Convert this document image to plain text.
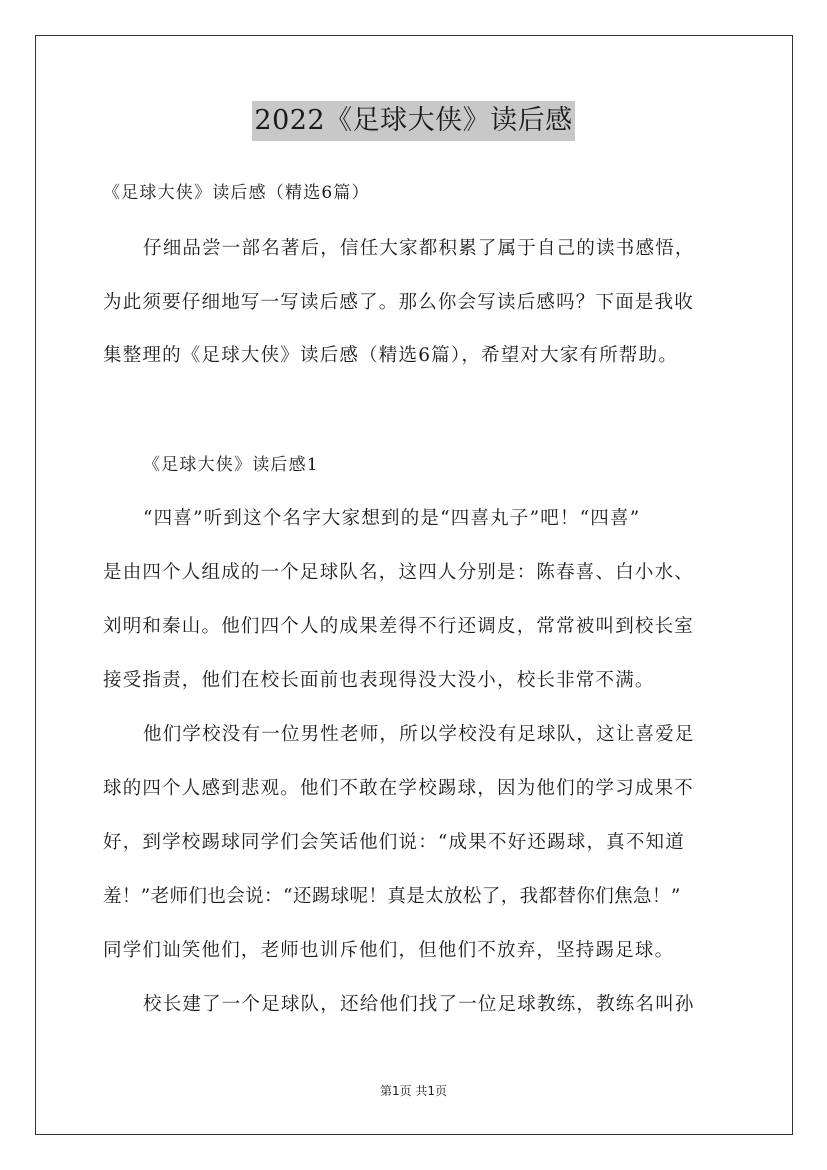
2022《足球大侠》读后感
《足球大侠》读后感（精选6篇）
仔细品尝一部名著后，信任大家都积累了属于自己的读书感悟，
为此须要仔细地写一写读后感了。那么你会写读后感吗？下面是我收
集整理的《足球大侠》读后感（精选6篇），希望对大家有所帮助。
《足球大侠》读后感1
“四喜”听到这个名字大家想到的是“四喜丸子”吧！“四喜”
是由四个人组成的一个足球队名，这四人分别是：陈春喜、白小水、
刘明和秦山。他们四个人的成果差得不行还调皮，常常被叫到校长室
接受指责，他们在校长面前也表现得没大没小，校长非常不满。
他们学校没有一位男性老师，所以学校没有足球队，这让喜爱足
球的四个人感到悲观。他们不敢在学校踢球，因为他们的学习成果不
好，到学校踢球同学们会笑话他们说：“成果不好还踢球，真不知道
羞！”老师们也会说：“还踢球呢！真是太放松了，我都替你们焦急！”
同学们讪笑他们，老师也训斥他们，但他们不放弃，坚持踢足球。
校长建了一个足球队，还给他们找了一位足球教练，教练名叫孙
第1页 共1页
